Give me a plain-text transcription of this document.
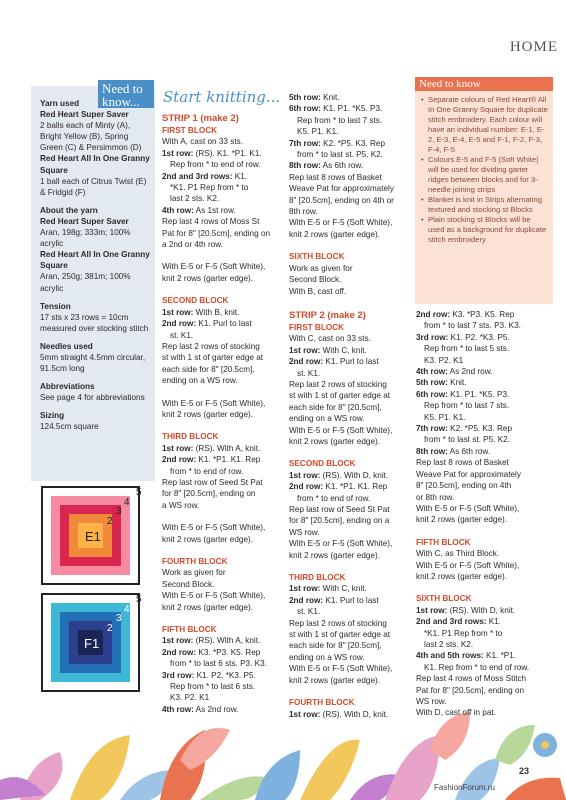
HOME
Need to know...
Yarn used
Red Heart Super Saver
2 balls each of Minty (A), Bright Yellow (B), Spring Green (C) & Persimmon (D)
Red Heart All In One Granny Square
1 ball each of Citrus Twist (E) & Fridgid (F)
About the yarn
Red Heart Super Saver
Aran, 198g; 333m; 100% acrylic
Red Heart All In One Granny Square
Aran, 250g; 381m; 100% acrylic
Tension
17 sts x 23 rows = 10cm measured over stocking stitch
Needles used
5mm straight 4.5mm circular, 91.5cm long
Abbreviations
See page 4 for abbreviations
Sizing
124.5cm square
E1
2
3
4
5
F1
2
3
4
5
Start knitting...

STRIP 1 (make 2)

FIRST BLOCK

With A, cast on 33 sts.

1st row: (RS). K1. *P1. K1.

Rep from * to end of row.

2nd and 3rd rows: K1.

*K1. P1 Rep from * to

last 2 sts. K2.

4th row: As 1st row.

Rep last 4 rows of Moss St

Pat for 8" [20.5cm], ending on

a 2nd or 4th row.

With E-5 or F-5 (Soft White),

knit 2 rows (garter edge).

SECOND BLOCK

1st row: With B, knit.

2nd row: K1. Purl to last

st. K1.

Rep last 2 rows of stocking

st with 1 st of garter edge at

each side for 8" [20.5cm],

ending on a WS row.

With E-5 or F-5 (Soft White),

knit 2 rows (garter edge).

THIRD BLOCK

1st row: (RS). With A, knit.

2nd row: K1. *P1. K1. Rep

from * to end of row.

Rep last row of Seed St Pat

for 8" [20.5cm], ending on

a WS row.

With E-5 or F-5 (Soft White),

knit 2 rows (garter edge).

FOURTH BLOCK

Work as given for

Second Block.

With E-5 or F-5 (Soft White),

knit 2 rows (garter edge).

FIFTH BLOCK

1st row: (RS). With A, knit.

2nd row: K3. *P3. K5. Rep

from * to last 6 sts. P3. K3.

3rd row: K1. P2. *K3. P5.

Rep from * to last 6 sts.

K3. P2. K1

4th row: As 2nd row.

5th row: Knit.

6th row: K1. P1. *K5. P3.

Rep from * to last 7 sts.

K5. P1. K1.

7th row: K2. *P5. K3. Rep

from * to last st. P5. K2.

8th row: As 6th row.

Rep last 8 rows of Basket

Weave Pat for approximately

8" [20.5cm], ending on 4th or

8th row.

With E-5 or F-5 (Soft White),

knit 2 rows (garter edge).

SIXTH BLOCK

Work as given for

Second Block.

With B, cast off.

STRIP 2 (make 2)

FIRST BLOCK

With C, cast on 33 sts.

1st row: With C, knit.

2nd row: K1. Purl to last

st. K1.

Rep last 2 rows of stocking

st with 1 st of garter edge at

each side for 8" [20.5cm],

ending on a WS row.

With E-5 or F-5 (Soft White),

knit 2 rows (garter edge).

SECOND BLOCK

1st row: (RS). With D, knit.

2nd row: K1. *P1. K1. Rep

from * to end of row.

Rep last row of Seed St Pat

for 8" [20.5cm], ending on a

WS row.

With E-5 or F-5 (Soft White),

knit 2 rows (garter edge).

THIRD BLOCK

1st row: With C, knit.

2nd row: K1. Purl to last

st. K1.

Rep last 2 rows of stocking

st with 1 st of garter edge at

each side for 8" [20.5cm],

ending on a WS row.

With E-5 or F-5 (Soft White),

knit 2 rows (garter edge).

FOURTH BLOCK

1st row: (RS). With D, knit.

2nd row: K3. *P3. K5. Rep

from * to last 7 sts. P3. K3.

3rd row: K1. P2. *K3. P5.

Rep from * to last 5 sts.

K3. P2. K1

4th row: As 2nd row.

5th row: Knit.

6th row: K1. P1. *K5. P3.

Rep from * to last 7 sts.

K5. P1. K1.

7th row: K2. *P5. K3. Rep

from * to last st. P5. K2.

8th row: As 6th row.

Rep last 8 rows of Basket

Weave Pat for approximately

8" [20.5cm], ending on 4th

or 8th row.

With E-5 or F-5 (Soft White),

knit 2 rows (garter edge).

FIFTH BLOCK

With C, as Third Block.

With E-5 or F-5 (Soft White),

knit 2 rows (garter edge).

SIXTH BLOCK

1st row: (RS). With D, knit.

2nd and 3rd rows: K1.

*K1. P1 Rep from * to

last 2 sts. K2.

4th and 5th rows: K1. *P1.

K1. Rep from * to end of row.

Rep last 4 rows of Moss Stitch

Pat for 8" [20.5cm], ending on

WS row.

With D, cast off in pat.

Need to know
• Separate colours of Red Heart® All In One Granny Square for duplicate stitch embroidery. Each colour will have an individual number: E-1, E-2, E-3, E-4, E-5 and F-1, F-2, F-3, F-4, F-5
• Colours E-5 and F-5 (Soft White) will be used for dividing garter ridges between blocks and for 3-needle joining strips
• Blanket is knit in Strips alternating textured and stocking st Blocks
• Plain stocking st Blocks will be used as a background for duplicate stitch embroidery
23
FashionForum.ru
